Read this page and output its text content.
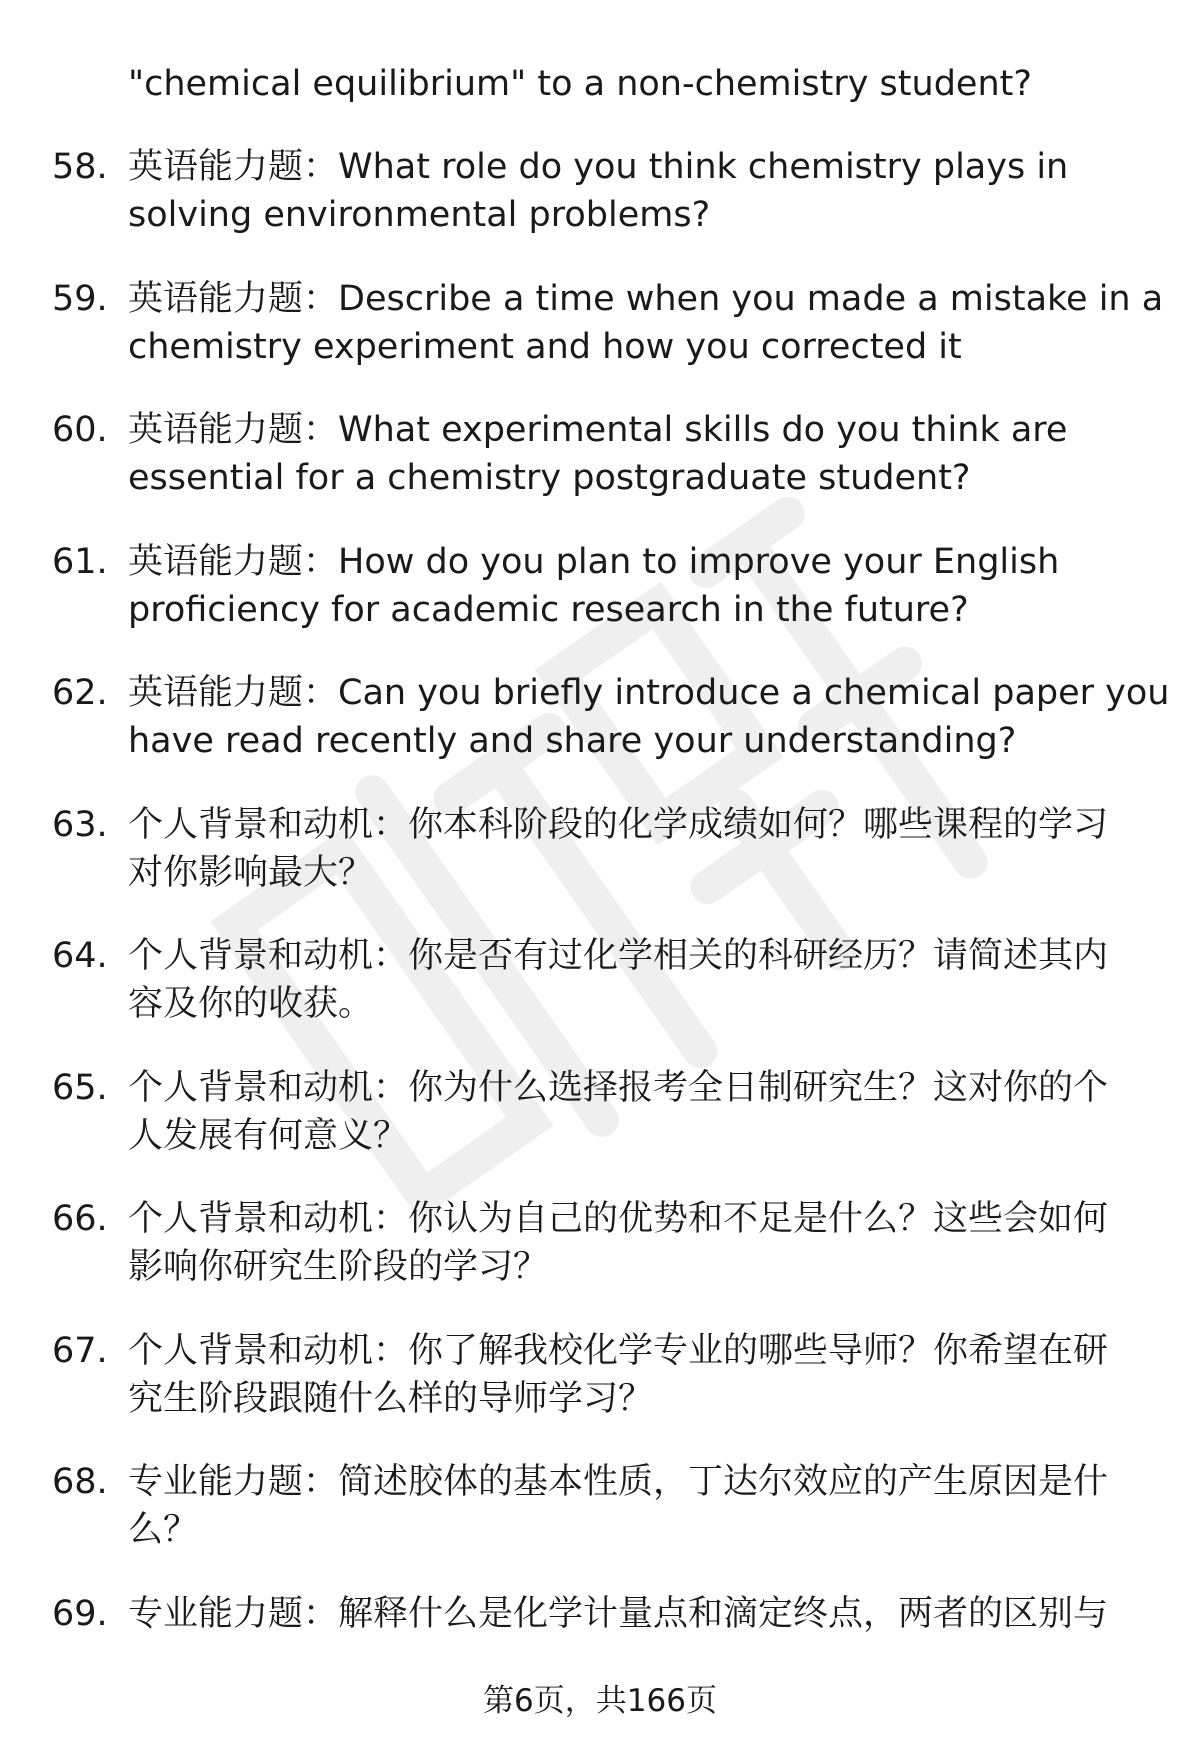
"chemical equilibrium" to a non-chemistry student?
58. 英语能力题：What role do you think chemistry plays in
solving environmental problems?
59. 英语能力题：Describe a time when you made a mistake in a
chemistry experiment and how you corrected it
60. 英语能力题：What experimental skills do you think are
essential for a chemistry postgraduate student?
61. 英语能力题：How do you plan to improve your English
proficiency for academic research in the future?
62. 英语能力题：Can you briefly introduce a chemical paper you
have read recently and share your understanding?
63. 个人背景和动机：你本科阶段的化学成绩如何？哪些课程的学习
对你影响最大？
64. 个人背景和动机：你是否有过化学相关的科研经历？请简述其内
容及你的收获。
65. 个人背景和动机：你为什么选择报考全日制研究生？这对你的个
人发展有何意义？
66. 个人背景和动机：你认为自己的优势和不足是什么？这些会如何
影响你研究生阶段的学习？
67. 个人背景和动机：你了解我校化学专业的哪些导师？你希望在研
究生阶段跟随什么样的导师学习？
68. 专业能力题：简述胶体的基本性质，丁达尔效应的产生原因是什
么？
69. 专业能力题：解释什么是化学计量点和滴定终点，两者的区别与
第6页，共166页
